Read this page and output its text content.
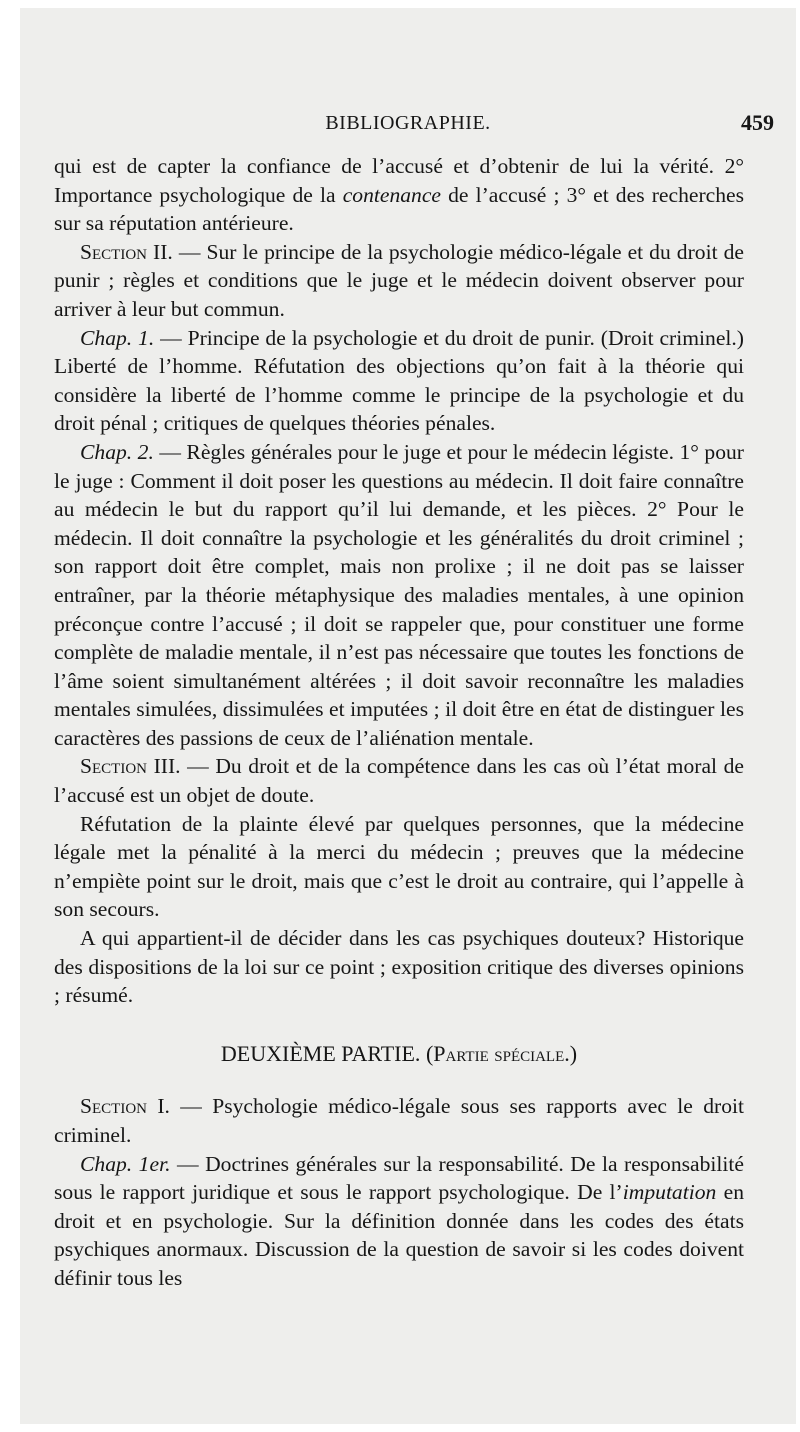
BIBLIOGRAPHIE.	459

qui est de capter la confiance de l’accusé et d’obtenir de lui la vérité. 2° Importance psychologique de la contenance de l’accusé ; 3° et des recherches sur sa réputation antérieure.

Section II. — Sur le principe de la psychologie médico-légale et du droit de punir ; règles et conditions que le juge et le médecin doivent observer pour arriver à leur but commun.

Chap. 1. — Principe de la psychologie et du droit de punir. (Droit criminel.) Liberté de l’homme. Réfutation des objections qu’on fait à la théorie qui considère la liberté de l’homme comme le principe de la psychologie et du droit pénal ; critiques de quelques théories pénales.

Chap. 2. — Règles générales pour le juge et pour le médecin légiste. 1° pour le juge : Comment il doit poser les questions au médecin. Il doit faire connaître au médecin le but du rapport qu’il lui demande, et les pièces. 2° Pour le médecin. Il doit connaître la psychologie et les généralités du droit criminel ; son rapport doit être complet, mais non prolixe ; il ne doit pas se laisser entraîner, par la théorie métaphysique des maladies mentales, à une opinion préconçue contre l’accusé ; il doit se rappeler que, pour constituer une forme complète de maladie mentale, il n’est pas nécessaire que toutes les fonctions de l’âme soient simultanément altérées ; il doit savoir reconnaître les maladies mentales simulées, dissimulées et imputées ; il doit être en état de distinguer les caractères des passions de ceux de l’aliénation mentale.

Section III. — Du droit et de la compétence dans les cas où l’état moral de l’accusé est un objet de doute.

Réfutation de la plainte élevé par quelques personnes, que la médecine légale met la pénalité à la merci du médecin ; preuves que la médecine n’empiète point sur le droit, mais que c’est le droit au contraire, qui l’appelle à son secours.

A qui appartient-il de décider dans les cas psychiques douteux? Historique des dispositions de la loi sur ce point ; exposition critique des diverses opinions ; résumé.

DEUXIÈME PARTIE. (Partie spéciale.)

Section I. — Psychologie médico-légale sous ses rapports avec le droit criminel.

Chap. 1er. — Doctrines générales sur la responsabilité. De la responsabilité sous le rapport juridique et sous le rapport psychologique. De l’imputation en droit et en psychologie. Sur la définition donnée dans les codes des états psychiques anormaux. Discussion de la question de savoir si les codes doivent définir tous les
